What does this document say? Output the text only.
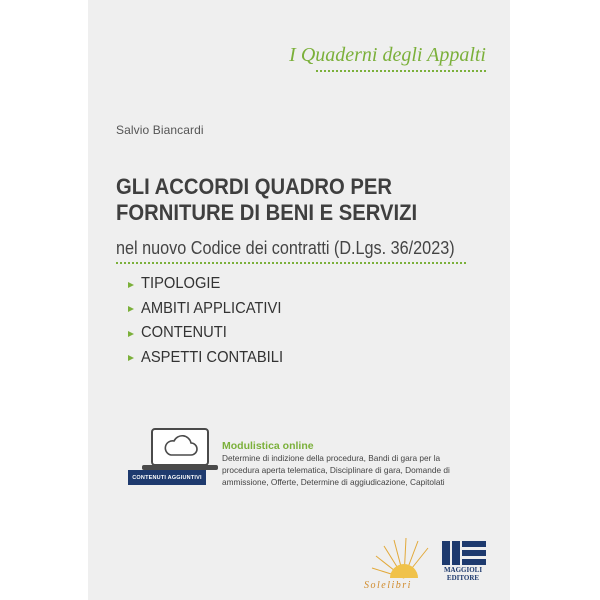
I Quaderni degli Appalti
Salvio Biancardi
GLI ACCORDI QUADRO PER
FORNITURE DI BENI E SERVIZI
nel nuovo Codice dei contratti (D.Lgs. 36/2023)
TIPOLOGIE
AMBITI APPLICATIVI
CONTENUTI
ASPETTI CONTABILI
CONTENUTI AGGIUNTIVI
Modulistica online
Determine di indizione della procedura, Bandi di gara per la procedura aperta telematica, Disciplinare di gara, Domande di ammissione, Offerte, Determine di aggiudicazione, Capitolati
Solelibri
MAGGIOLI
EDITORE
